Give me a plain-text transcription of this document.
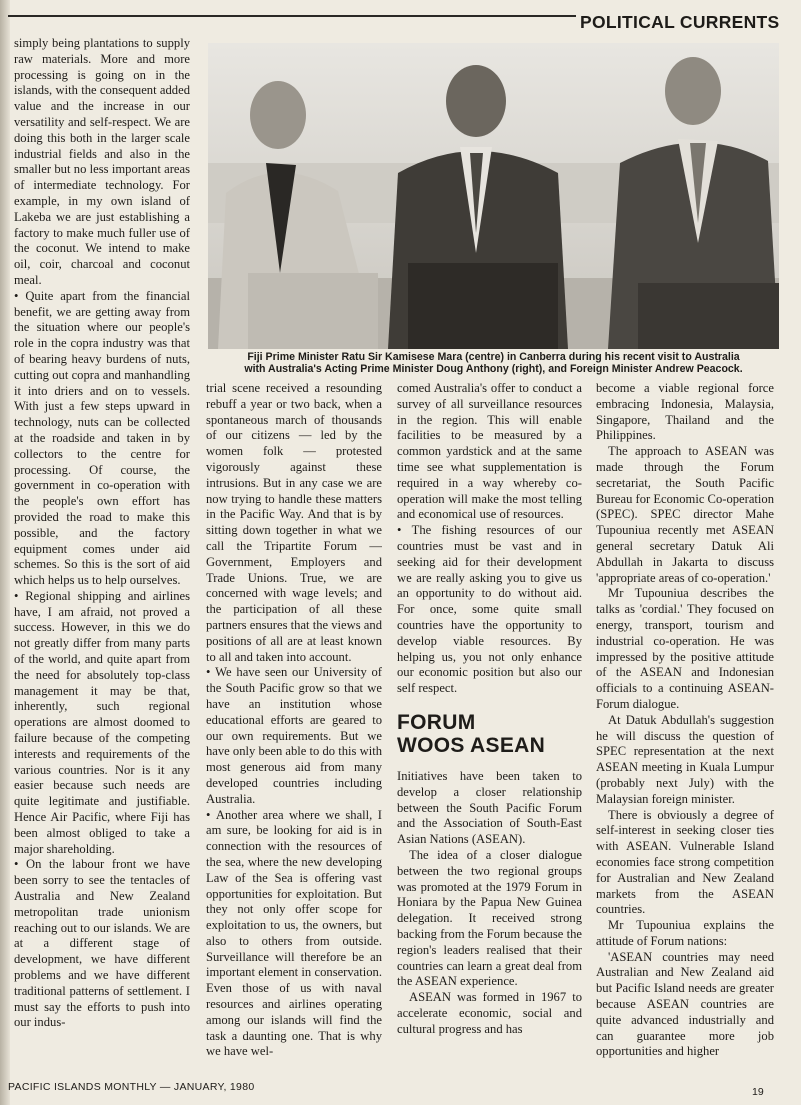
POLITICAL CURRENTS
Fiji Prime Minister Ratu Sir Kamisese Mara (centre) in Canberra during his recent visit to Australia
with Australia's Acting Prime Minister Doug Anthony (right), and Foreign Minister Andrew Peacock.

simply being plantations to supply raw materials. More and more processing is going on in the islands, with the consequent added value and the increase in our versatility and self-respect. We are doing this both in the larger scale industrial fields and also in the smaller but no less important areas of intermediate technology. For example, in my own island of Lakeba we are just establishing a factory to make much fuller use of the coconut. We intend to make oil, coir, charcoal and coconut meal.

• Quite apart from the financial benefit, we are getting away from the situation where our people's role in the copra industry was that of bearing heavy burdens of nuts, cutting out copra and manhandling it into driers and on to vessels. With just a few steps upward in technology, nuts can be collected at the roadside and taken in by collectors to the centre for processing. Of course, the government in co-operation with the people's own effort has provided the road to make this possible, and the factory equipment comes under aid schemes. So this is the sort of aid which helps us to help ourselves.

• Regional shipping and airlines have, I am afraid, not proved a success. However, in this we do not greatly differ from many parts of the world, and quite apart from the need for absolutely top-class management it may be that, inherently, such regional operations are almost doomed to failure because of the competing interests and requirements of the various countries. Nor is it any easier because such needs are quite legitimate and justifiable. Hence Air Pacific, where Fiji has been almost obliged to take a major shareholding.

• On the labour front we have been sorry to see the tentacles of Australia and New Zealand metropolitan trade unionism reaching out to our islands. We are at a different stage of development, we have different problems and we have different traditional patterns of settlement. I must say the efforts to push into our indus-

trial scene received a resounding rebuff a year or two back, when a spontaneous march of thousands of our citizens — led by the women folk — protested vigorously against these intrusions. But in any case we are now trying to handle these matters in the Pacific Way. And that is by sitting down together in what we call the Tripartite Forum — Government, Employers and Trade Unions. True, we are concerned with wage levels; and the participation of all these partners ensures that the views and positions of all are at least known to all and taken into account.

• We have seen our University of the South Pacific grow so that we have an institution whose educational efforts are geared to our own requirements. But we have only been able to do this with most generous aid from many developed countries including Australia.

• Another area where we shall, I am sure, be looking for aid is in connection with the resources of the sea, where the new developing Law of the Sea is offering vast opportunities for exploitation. But they not only offer scope for exploitation to us, the owners, but also to others from outside. Surveillance will therefore be an important element in conservation. Even those of us with naval resources and airlines operating among our islands will find the task a daunting one. That is why we have wel-

comed Australia's offer to conduct a survey of all surveillance resources in the region. This will enable facilities to be measured by a common yardstick and at the same time see what supplementation is required in a way whereby co-operation will make the most telling and economical use of resources.

• The fishing resources of our countries must be vast and in seeking aid for their development we are really asking you to give us an opportunity to do without aid. For once, some quite small countries have the opportunity to develop viable resources. By helping us, you not only enhance our economic position but also our self respect.

FORUM
WOOS ASEAN

Initiatives have been taken to develop a closer relationship between the South Pacific Forum and the Association of South-East Asian Nations (ASEAN).

The idea of a closer dialogue between the two regional groups was promoted at the 1979 Forum in Honiara by the Papua New Guinea delegation. It received strong backing from the Forum because the region's leaders realised that their countries can learn a great deal from the ASEAN experience.

ASEAN was formed in 1967 to accelerate economic, social and cultural progress and has

become a viable regional force embracing Indonesia, Malaysia, Singapore, Thailand and the Philippines.

The approach to ASEAN was made through the Forum secretariat, the South Pacific Bureau for Economic Co-operation (SPEC). SPEC director Mahe Tupouniua recently met ASEAN general secretary Datuk Ali Abdullah in Jakarta to discuss 'appropriate areas of co-operation.'

Mr Tupouniua describes the talks as 'cordial.' They focused on energy, transport, tourism and industrial co-operation. He was impressed by the positive attitude of the ASEAN and Indonesian officials to a continuing ASEAN-Forum dialogue.

At Datuk Abdullah's suggestion he will discuss the question of SPEC representation at the next ASEAN meeting in Kuala Lumpur (probably next July) with the Malaysian foreign minister.

There is obviously a degree of self-interest in seeking closer ties with ASEAN. Vulnerable Island economies face strong competition for Australian and New Zealand markets from the ASEAN countries.

Mr Tupouniua explains the attitude of Forum nations:

'ASEAN countries may need Australian and New Zealand aid but Pacific Island needs are greater because ASEAN countries are quite advanced industrially and can guarantee more job opportunities and higher

PACIFIC ISLANDS MONTHLY — JANUARY, 1980	19
